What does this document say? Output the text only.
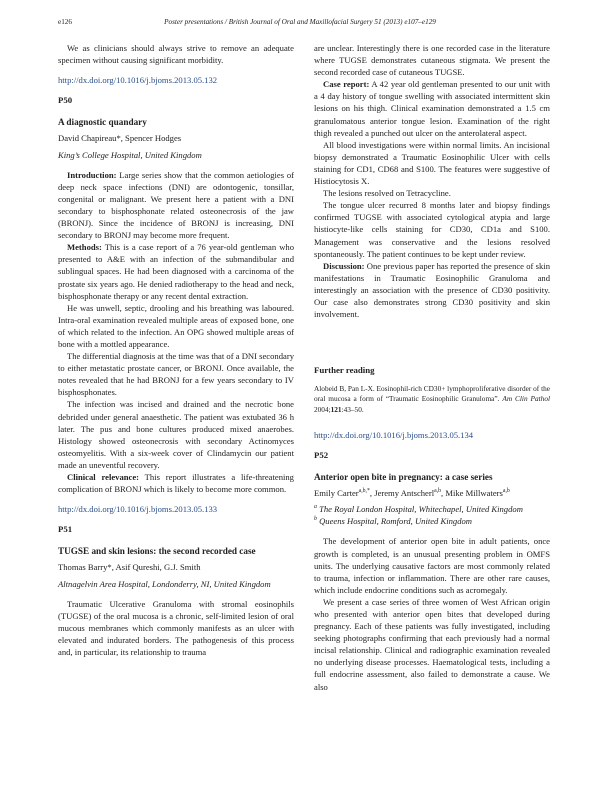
e126	Poster presentations / British Journal of Oral and Maxillofacial Surgery 51 (2013) e107–e129

We as clinicians should always strive to remove an adequate specimen without causing significant morbidity.

http://dx.doi.org/10.1016/j.bjoms.2013.05.132

P50
A diagnostic quandary
David Chapireau*, Spencer Hodges
King’s College Hospital, United Kingdom

Introduction: Large series show that the common aetiologies of deep neck space infections (DNI) are odontogenic, tonsillar, congenital or malignant. We present here a patient with a DNI secondary to bisphosphonate related osteonecrosis of the jaw (BRONJ). Since the incidence of BRONJ is increasing, DNI secondary to BRONJ may become more frequent.

Methods: This is a case report of a 76 year-old gentleman who presented to A&E with an infection of the submandibular and sublingual spaces. He had been diagnosed with a carcinoma of the prostate six years ago. He denied radiotherapy to the head and neck, bisphosphonate therapy or any recent dental extraction.

He was unwell, septic, drooling and his breathing was laboured. Intra-oral examination revealed multiple areas of exposed bone, one of which related to the infection. An OPG showed multiple areas of bone with a mottled appearance.

The differential diagnosis at the time was that of a DNI secondary to either metastatic prostate cancer, or BRONJ. Once available, the notes revealed that he had BRONJ for a few years secondary to IV bisphosphonates.

The infection was incised and drained and the necrotic bone debrided under general anaesthetic. The patient was extubated 36 h later. The pus and bone cultures produced mixed anaerobes. Histology showed osteonecrosis with secondary Actinomyces osteomyelitis. With a six-week cover of Clindamycin our patient made an uneventful recovery.

Clinical relevance: This report illustrates a life-threatening complication of BRONJ which is likely to become more common.

http://dx.doi.org/10.1016/j.bjoms.2013.05.133

P51
TUGSE and skin lesions: the second recorded case
Thomas Barry*, Asif Qureshi, G.J. Smith
Altnagelvin Area Hospital, Londonderry, NI, United Kingdom

Traumatic Ulcerative Granuloma with stromal eosinophils (TUGSE) of the oral mucosa is a chronic, self-limited lesion of oral mucous membranes which commonly manifests as an ulcer with elevated and indurated borders. The pathogenesis of this process and, in particular, its relationship to trauma

are unclear. Interestingly there is one recorded case in the literature where TUGSE demonstrates cutaneous stigmata. We present the second recorded case of cutaneous TUGSE.

Case report: A 42 year old gentleman presented to our unit with a 4 day history of tongue swelling with associated intermittent skin lesions on his thigh. Clinical examination demonstrated a 1.5 cm granulomatous anterior tongue lesion. Examination of the right thigh revealed a punched out ulcer on the anterolateral aspect.

All blood investigations were within normal limits. An incisional biopsy demonstrated a Traumatic Eosinophilic Ulcer with cells staining for CD1, CD68 and S100. The features were suggestive of Histiocytosis X.

The lesions resolved on Tetracycline.

The tongue ulcer recurred 8 months later and biopsy findings confirmed TUGSE with associated cytological atypia and large histiocyte-like cells staining for CD30, CD1a and S100. Management was conservative and the lesions resolved spontaneously. The patient continues to be kept under review.

Discussion: One previous paper has reported the presence of skin manifestations in Traumatic Eosinophilic Granuloma and interestingly an association with the presence of CD30 positivity. Our case also demonstrates strong CD30 positivity and skin involvement.

Further reading

Alobeid B, Pan L-X. Eosinophil-rich CD30+ lymphoproliferative disorder of the oral mucosa a form of “Traumatic Eosinophilic Granuloma”. Am Clin Pathol 2004;121:43–50.

http://dx.doi.org/10.1016/j.bjoms.2013.05.134

P52
Anterior open bite in pregnancy: a case series
Emily Carter$^{a,b,*}$, Jeremy Antscherl$^{a,b}$, Mike Millwaters$^{a,b}$
$^a$ The Royal London Hospital, Whitechapel, United Kingdom
$^b$ Queens Hospital, Romford, United Kingdom

The development of anterior open bite in adult patients, once growth is completed, is an unusual presenting problem in OMFS units. The underlying causative factors are most commonly related to trauma, infection or inflammation. There are other rare causes, which include endocrine conditions such as acromegaly.

We present a case series of three women of West African origin who presented with anterior open bites that developed during pregnancy. Each of these patients was fully investigated, including seeking photographs confirming that each previously had a normal incisal relationship. Clinical and radiographic examination revealed no underlying disease processes. Haematological tests, including a full endocrine assessment, also failed to demonstrate a cause. We also
